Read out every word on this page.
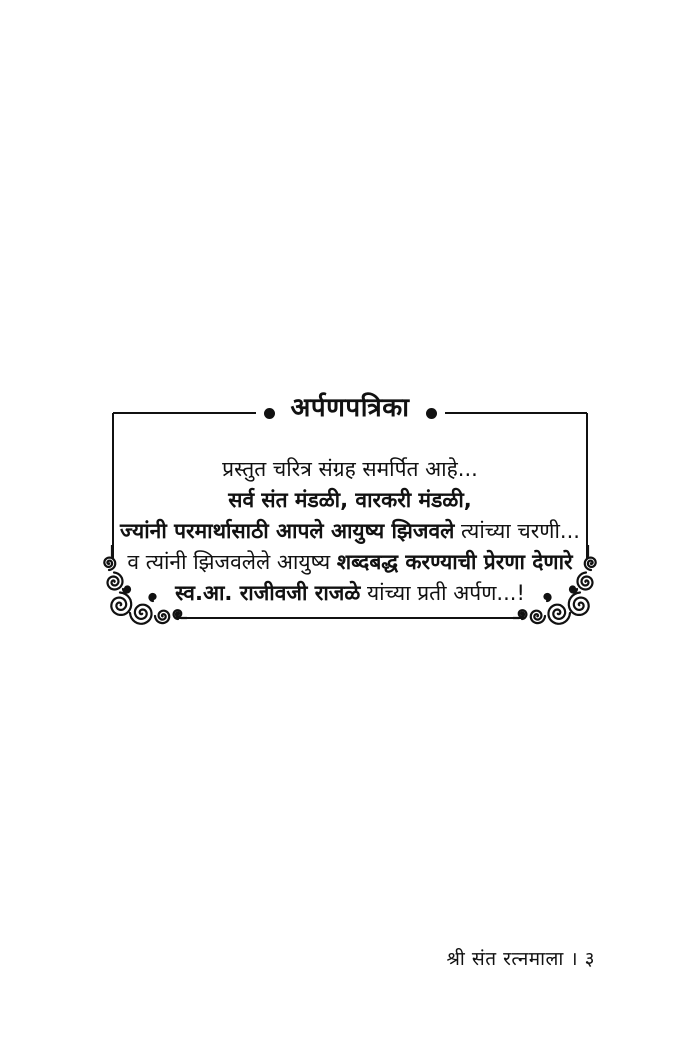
अर्पणपत्रिका
प्रस्तुत चरित्र संग्रह समर्पित आहे...
सर्व संत मंडळी, वारकरी मंडळी,
ज्यांनी परमार्थासाठी आपले आयुष्य झिजवले त्यांच्या चरणी...
व त्यांनी झिजवलेले आयुष्य शब्दबद्ध करण्याची प्रेरणा देणारे
स्व.आ. राजीवजी राजळे यांच्या प्रती अर्पण...!
श्री संत रत्नमाला । ३
